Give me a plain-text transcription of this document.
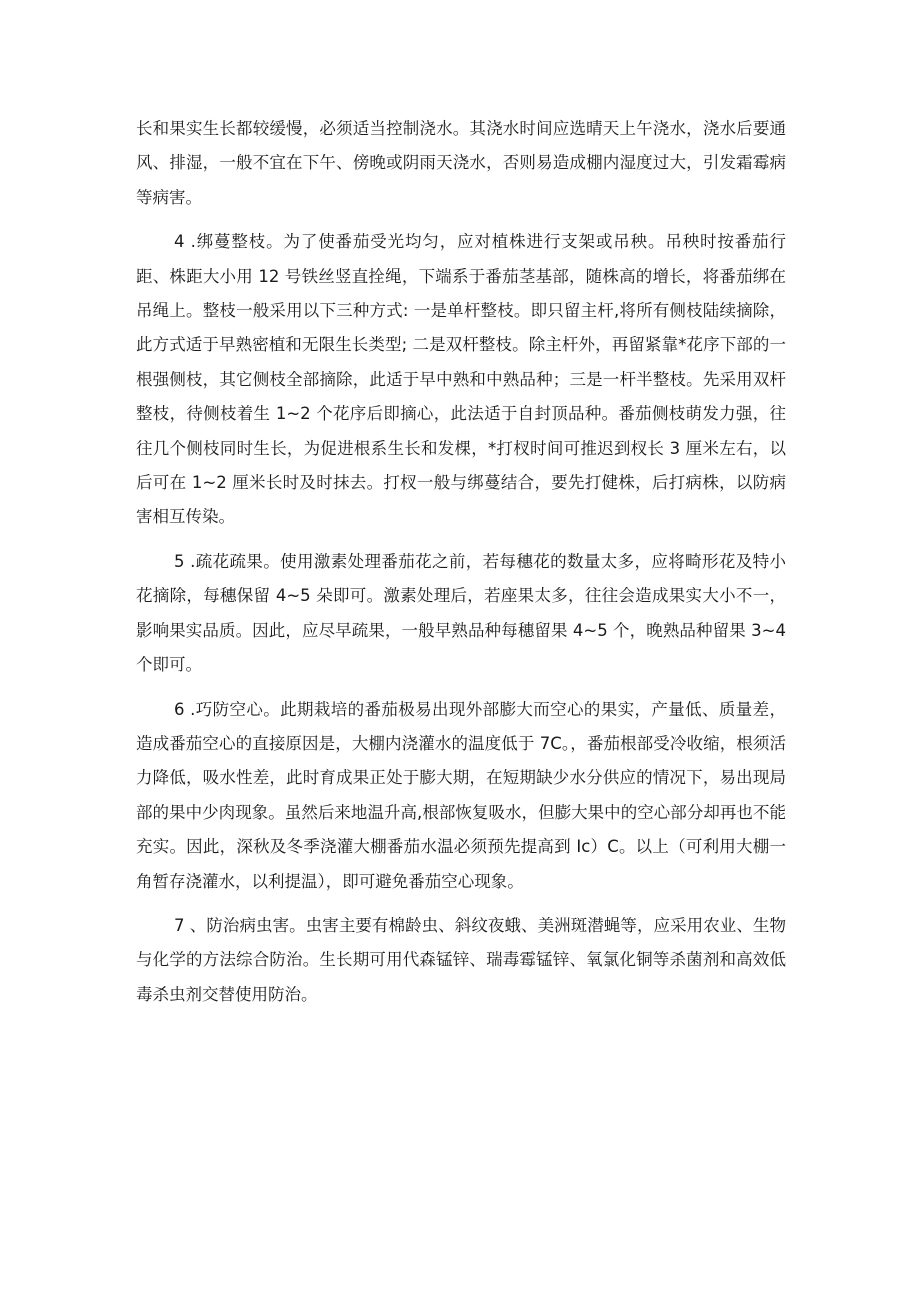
长和果实生长都较缓慢，必须适当控制浇水。其浇水时间应选晴天上午浇水，浇水后要通风、排湿，一般不宜在下午、傍晚或阴雨天浇水，否则易造成棚内湿度过大，引发霜霉病等病害。

4 .绑蔓整枝。为了使番茄受光均匀，应对植株进行支架或吊秧。吊秧时按番茄行距、株距大小用 12 号铁丝竖直拴绳，下端系于番茄茎基部，随株高的增长，将番茄绑在吊绳上。整枝一般采用以下三种方式: 一是单杆整枝。即只留主杆,将所有侧枝陆续摘除，此方式适于早熟密植和无限生长类型; 二是双杆整枝。除主杆外，再留紧靠*花序下部的一根强侧枝，其它侧枝全部摘除，此适于早中熟和中熟品种；三是一杆半整枝。先采用双杆整枝，待侧枝着生 1~2 个花序后即摘心，此法适于自封顶品种。番茄侧枝萌发力强，往往几个侧枝同时生长，为促进根系生长和发棵，*打杈时间可推迟到杈长 3 厘米左右，以后可在 1~2 厘米长时及时抹去。打杈一般与绑蔓结合，要先打健株，后打病株，以防病害相互传染。

5 .疏花疏果。使用激素处理番茄花之前，若每穗花的数量太多，应将畸形花及特小花摘除，每穗保留 4~5 朵即可。激素处理后，若座果太多，往往会造成果实大小不一，影响果实品质。因此，应尽早疏果，一般早熟品种每穗留果 4~5 个，晚熟品种留果 3~4 个即可。

6 .巧防空心。此期栽培的番茄极易出现外部膨大而空心的果实，产量低、质量差，造成番茄空心的直接原因是，大棚内浇灌水的温度低于 7C。，番茄根部受冷收缩，根须活力降低，吸水性差，此时育成果正处于膨大期，在短期缺少水分供应的情况下，易出现局部的果中少肉现象。虽然后来地温升高,根部恢复吸水，但膨大果中的空心部分却再也不能充实。因此，深秋及冬季浇灌大棚番茄水温必须预先提高到 Ic）C。以上（可利用大棚一角暂存浇灌水，以利提温），即可避免番茄空心现象。

7 、防治病虫害。虫害主要有棉龄虫、斜纹夜蛾、美洲斑潜蝇等，应采用农业、生物与化学的方法综合防治。生长期可用代森锰锌、瑞毒霉锰锌、氧氯化铜等杀菌剂和高效低毒杀虫剂交替使用防治。
